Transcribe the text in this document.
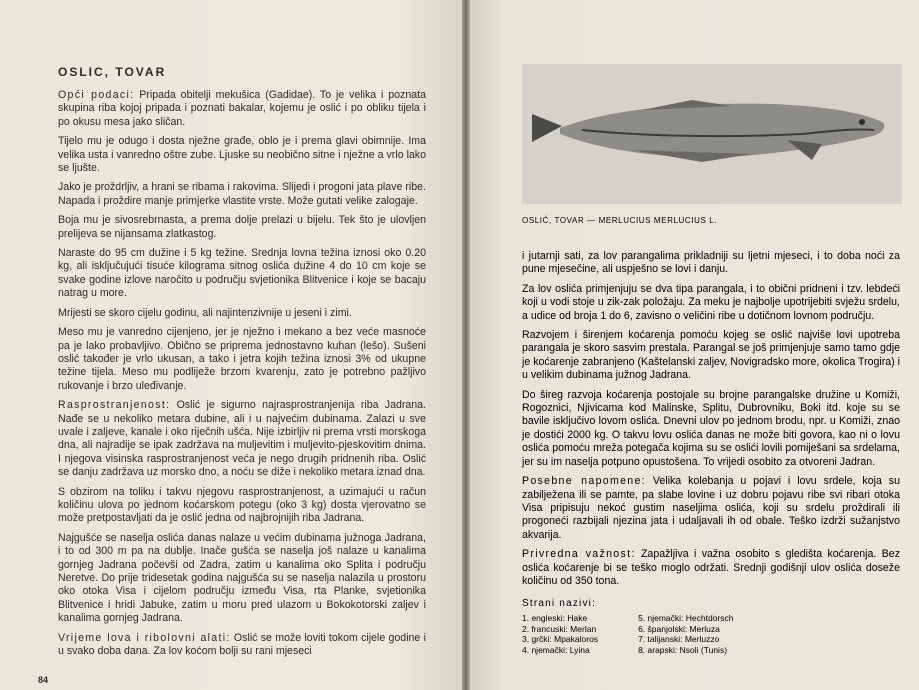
OSLIC, TOVAR

Opći podaci: Pripada obitelji mekušica (Gadidae). To je velika i poznata skupina riba kojoj pripada i poznati bakalar, kojemu je oslić i po obliku tijela i po okusu mesa jako sličan.

Tijelo mu je odugo i dosta nježne građe, oblo je i prema glavi obimnije. Ima velika usta i vanredno oštre zube. Ljuske su neobično sitne i nježne a vrlo lako se ljušte.

Jako je proždrljiv, a hrani se ribama i rakovima. Slijedi i progoni jata plave ribe. Napada i proždire manje primjerke vlastite vrste. Može gutati velike zalogaje.

Boja mu je sivosrebrnasta, a prema dolje prelazi u bijelu. Tek što je ulovljen prelijeva se nijansama zlatkastog.

Naraste do 95 cm dužine i 5 kg težine. Srednja lovna težina iznosi oko 0.20 kg, ali isključujući tisuće kilograma sitnog oslića dužine 4 do 10 cm koje se svake godine izlove naročito u području svjetionika Blitvenice i koje se bacaju natrag u more.

Mrijesti se skoro cijelu godinu, ali najintenzivnije u jeseni i zimi.

Meso mu je vanredno cijenjeno, jer je nježno i mekano a bez veće masnoće pa je lako probavljivo. Obično se priprema jednostavno kuhan (lešo). Sušeni oslić također je vrlo ukusan, a tako i jetra kojih težina iznosi 3% od ukupne težine tijela. Meso mu podliježe brzom kvarenju, zato je potrebno pažljivo rukovanje i brzo uleđivanje.

Rasprostranjenost: Oslić je sigurno najrasprostranjenija riba Jadrana. Nađe se u nekoliko metara dubine, ali i u najvećim dubinama. Zalazi u sve uvale i zaljeve, kanale i oko riječnih ušća. Nije izbirljiv ni prema vrsti morskoga dna, ali najradije se ipak zadržava na muljevitim i muljevito-pjeskovitim dnima. I njegova visinska rasprostranjenost veća je nego drugih pridnenih riba. Oslić se danju zadržava uz morsko dno, a noću se diže i nekoliko metara iznad dna.

S obzirom na toliku i takvu njegovu rasprostranjenost, a uzimajući u račun količinu ulova po jednom koćarskom potegu (oko 3 kg) dosta vjerovatno se može pretpostavljati da je oslić jedna od najbrojnijih riba Jadrana.

Najgušće se naselja oslića danas nalaze u većim dubinama južnoga Jadrana, i to od 300 m pa na dublje. Inače gušća se naselja još nalaze u kanalima gornjeg Jadrana počevši od Zadra, zatim u kanalima oko Splita i području Neretve. Do prije tridesetak godina najgušća su se naselja nalazila u prostoru oko otoka Visa i cijelom području između Visa, rta Planke, svjetionika Blitvenice i hridi Jabuke, zatim u moru pred ulazom u Bokokotorski zaljev i kanalima gornjeg Jadrana.

Vrijeme lova i ribolovni alati: Oslić se može loviti tokom cijele godine i u svako doba dana. Za lov koćom bolji su rani mjeseci

84
OSLIĆ, TOVAR — MERLUCIUS MERLUCIUS L.

i jutarnji sati, za lov parangalima prikladniji su ljetni mjeseci, i to doba noći za pune mjesečine, ali uspješno se lovi i danju.

Za lov oslića primjenjuju se dva tipa parangala, i to obični pridneni i tzv. lebdeći koji u vodi stoje u zik-zak položaju. Za meku je najbolje upotrijebiti svježu srdelu, a udice od broja 1 do 6, zavisno o veličini ribe u dotičnom lovnom području.

Razvojem i širenjem koćarenja pomoću kojeg se oslić najviše lovi upotreba parangala je skoro sasvim prestala. Parangal se još primjenjuje samo tamo gdje je koćarenje zabranjeno (Kaštelanski zaljev, Novigradsko more, okolica Trogira) i u velikim dubinama južnog Jadrana.

Do šireg razvoja koćarenja postojale su brojne parangalske družine u Komiži, Rogoznici, Njivicama kod Malinske, Splitu, Dubrovniku, Boki itd. koje su se bavile isključivo lovom oslića. Dnevni ulov po jednom brodu, npr. u Komiži, znao je dostići 2000 kg. O takvu lovu oslića danas ne može biti govora, kao ni o lovu oslića pomoću mreža potegača kojima su se oslići lovili pomiješani sa srdelama, jer su im naselja potpuno opustošena. To vrijedi osobito za otvoreni Jadran.

Posebne napomene: Velika kolebanja u pojavi i lovu srdele, koja su zabilježena ili se pamte, pa slabe lovine i uz dobru pojavu ribe svi ribari otoka Visa pripisuju nekoć gustim naseljima oslića, koji su srdelu proždirali ili progoneći razbijali njezina jata i udaljavali ih od obale. Teško izdrži sužanjstvo akvarija.

Privredna važnost: Zapažljiva i važna osobito s gledišta koćarenja. Bez oslića koćarenje bi se teško moglo održati. Srednji godišnji ulov oslića doseže količinu od 350 tona.

Strani nazivi:
1. engleski: Hake
2. francuski: Merlan
3. grčki: Mpakaloros
4. njemački: Lyina
5. njemački: Hechtdorsch
6. španjolski: Merluza
7. talijanski: Merluzzo
8. arapski: Nsoli (Tunis)
